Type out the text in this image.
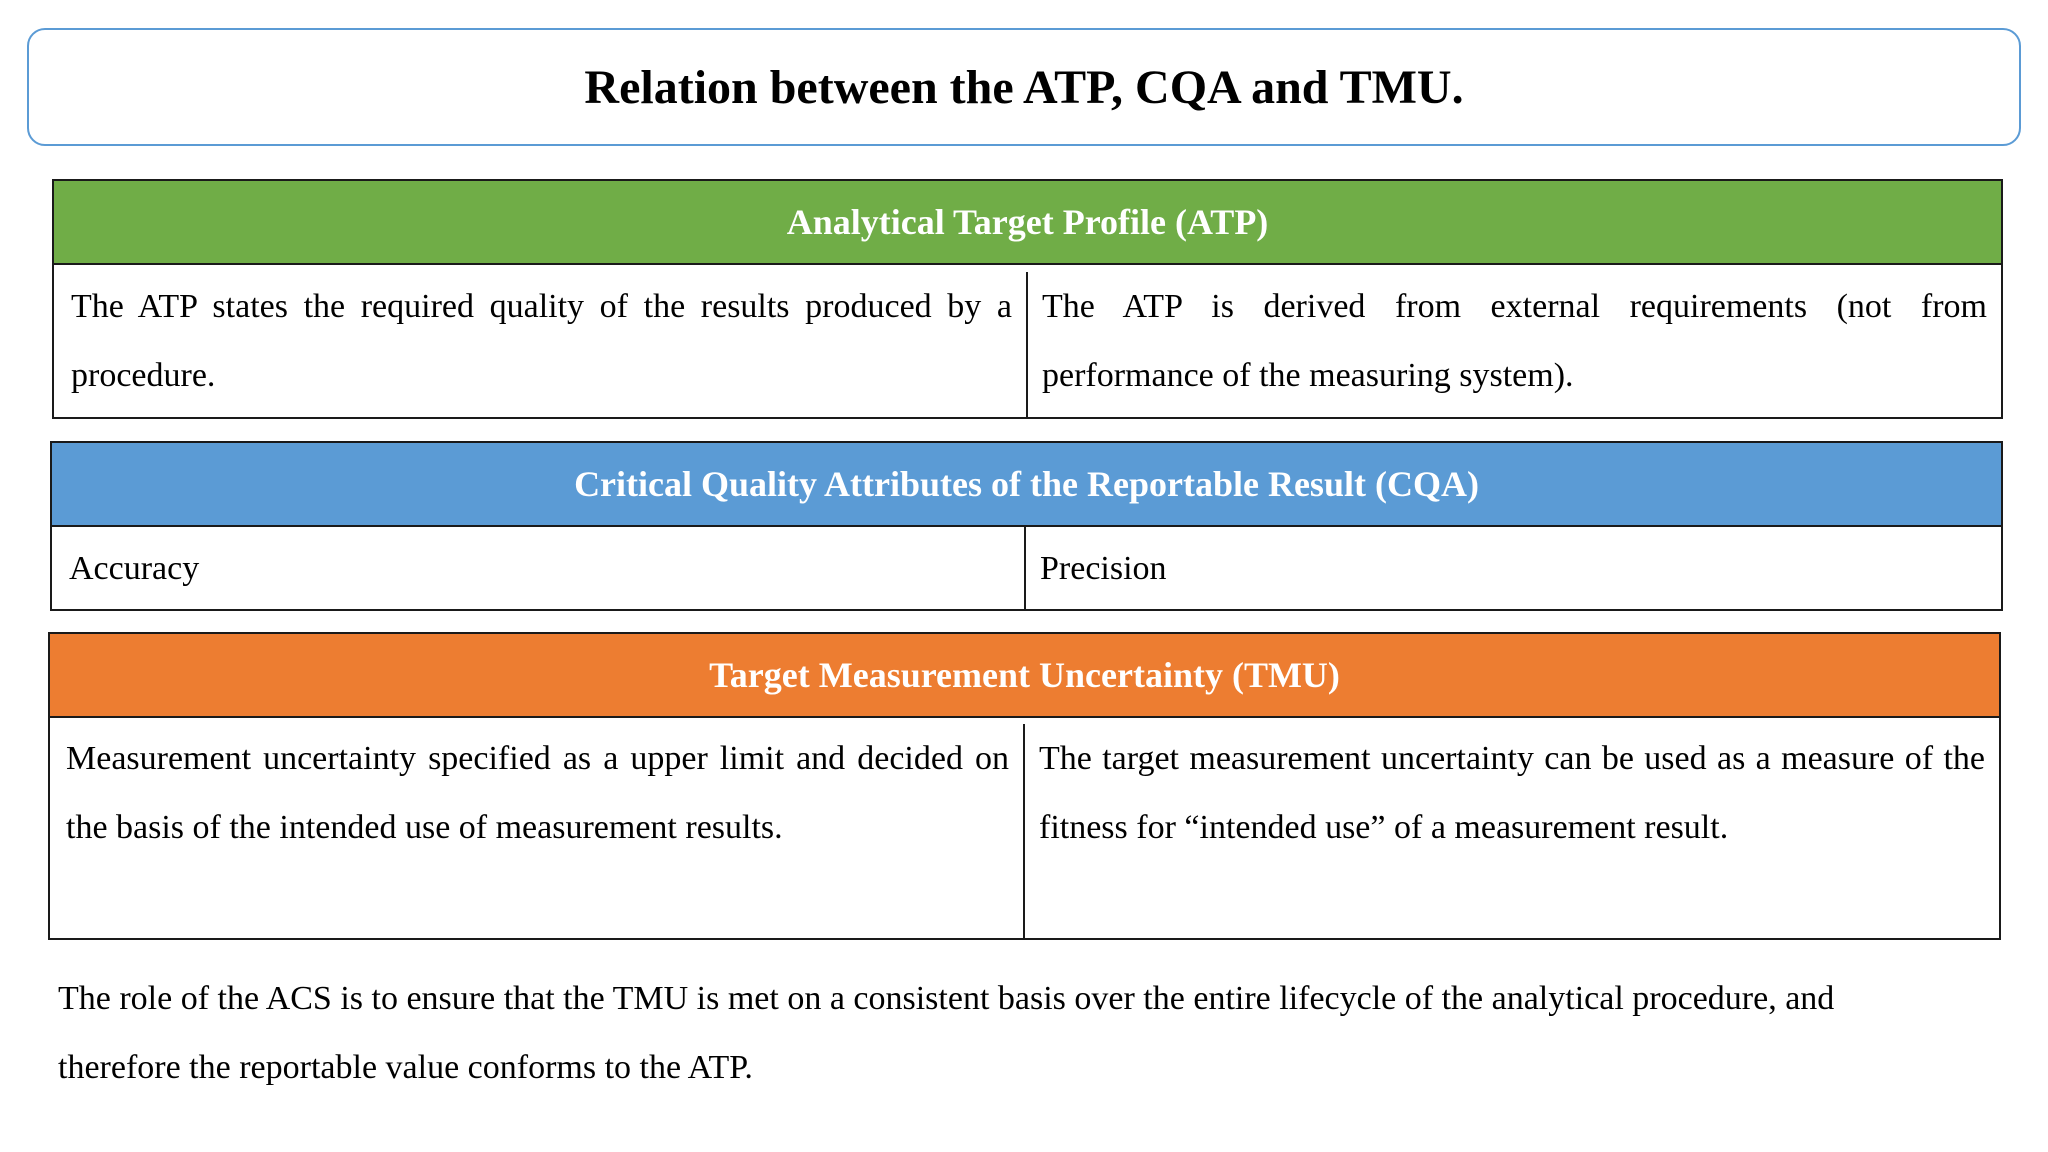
Relation between the ATP, CQA and TMU.
Analytical Target Profile (ATP)
The ATP states the required quality of the results produced by a procedure.
The ATP is derived from external requirements (not from performance of the measuring system).
Critical Quality Attributes of the Reportable Result (CQA)
Accuracy	Precision
Target Measurement Uncertainty (TMU)
Measurement uncertainty specified as a upper limit and decided on the basis of the intended use of measurement results.
The target measurement uncertainty can be used as a measure of the fitness for “intended use” of a measurement result.
The role of the ACS is to ensure that the TMU is met on a consistent basis over the entire lifecycle of the analytical procedure, and therefore the reportable value conforms to the ATP.
